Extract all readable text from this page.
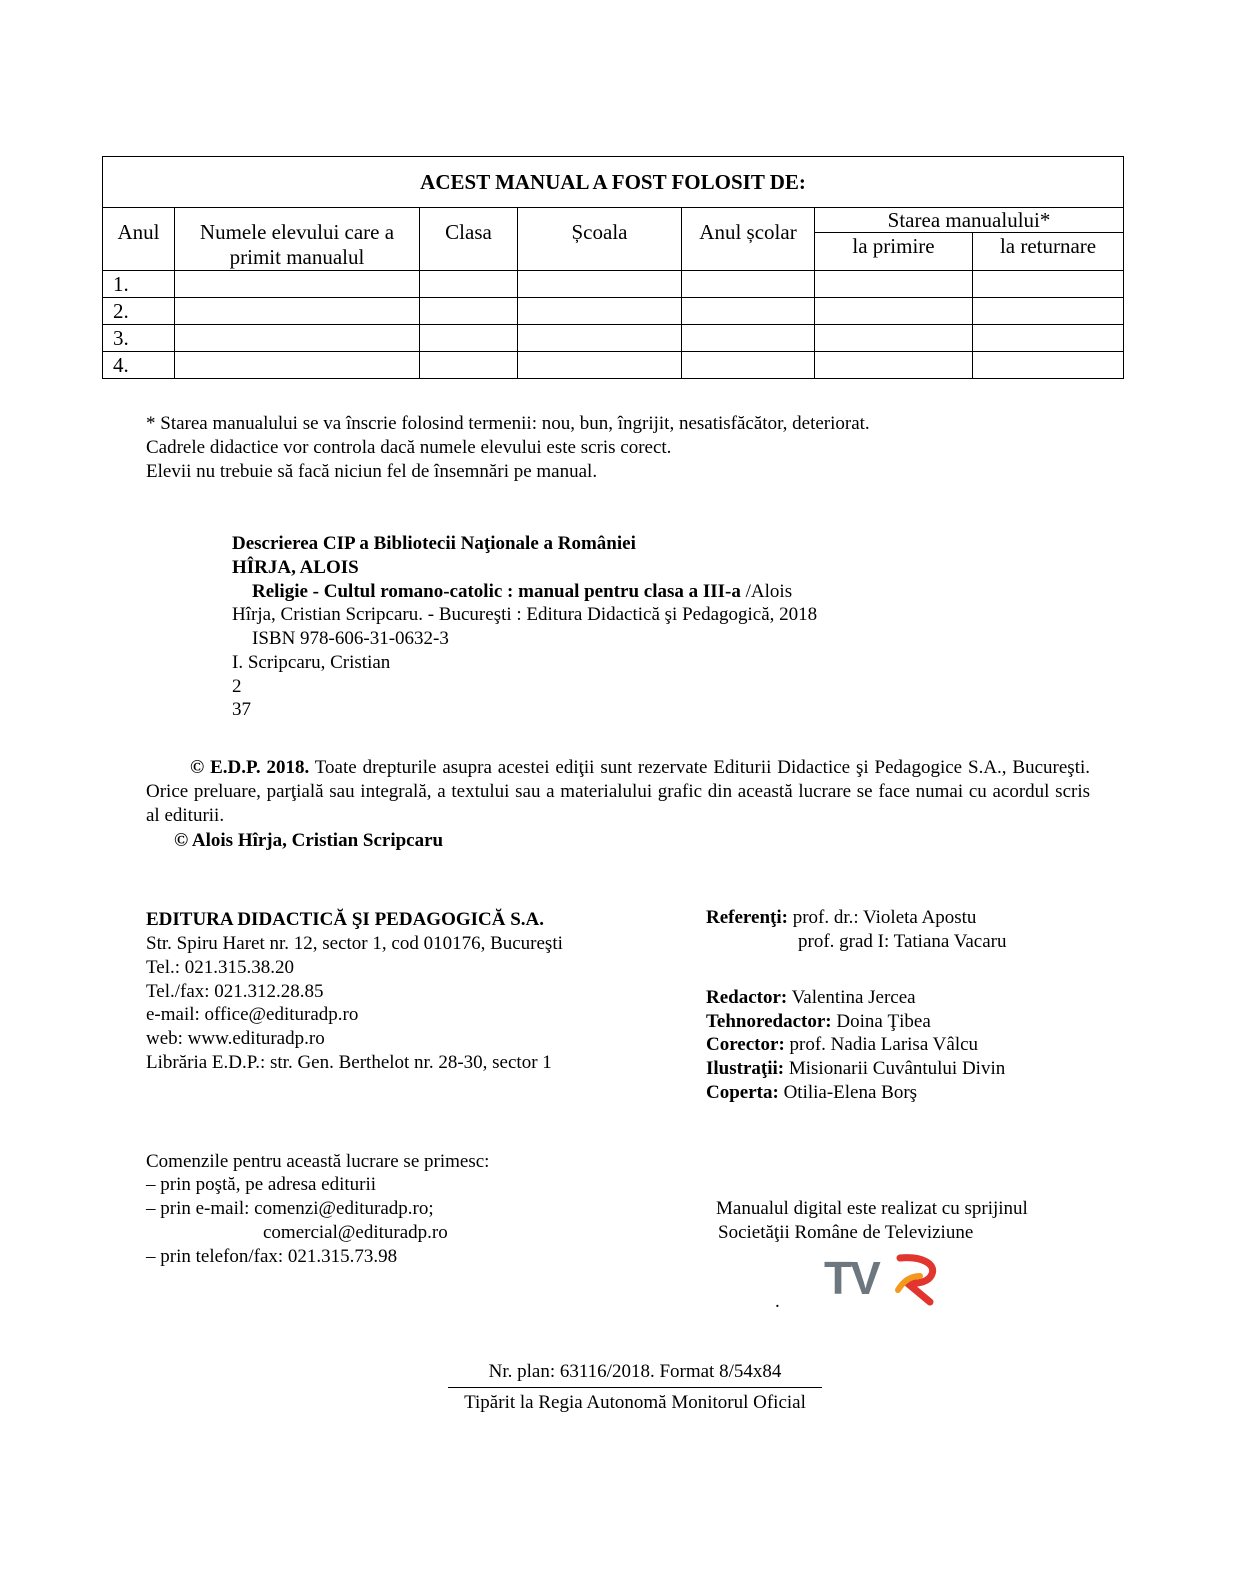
ACEST MANUAL A FOST FOLOSIT DE:						
Anul	Numele elevului care a primit manualul	Clasa	Școala	Anul școlar	Starea manualului*	
					la primire	la returnare
1.						
2.						
3.						
4.						
* Starea manualului se va înscrie folosind termenii: nou, bun, îngrijit, nesatisfăcător, deteriorat.
Cadrele didactice vor controla dacă numele elevului este scris corect.
Elevii nu trebuie să facă niciun fel de însemnări pe manual.
Descrierea CIP a Bibliotecii Naţionale a României
HÎRJA, ALOIS
Religie - Cultul romano-catolic : manual pentru clasa a III-a /Alois
Hîrja, Cristian Scripcaru. - Bucureşti : Editura Didactică şi Pedagogică, 2018
ISBN 978-606-31-0632-3
I. Scripcaru, Cristian
2
37
© E.D.P. 2018. Toate drepturile asupra acestei ediţii sunt rezervate Editurii Didactice şi Pedagogice S.A., Bucureşti. Orice preluare, parţială sau integrală, a textului sau a materialului grafic din această lucrare se face numai cu acordul scris al editurii.
© Alois Hîrja, Cristian Scripcaru
EDITURA DIDACTICĂ ŞI PEDAGOGICĂ S.A.
Str. Spiru Haret nr. 12, sector 1, cod 010176, Bucureşti
Tel.: 021.315.38.20
Tel./fax: 021.312.28.85
e-mail: office@edituradp.ro
web: www.edituradp.ro
Librăria E.D.P.: str. Gen. Berthelot nr. 28-30, sector 1
Referenţi: prof. dr.: Violeta Apostu
prof. grad I: Tatiana Vacaru
Redactor: Valentina Jercea
Tehnoredactor: Doina Ţibea
Corector: prof. Nadia Larisa Vâlcu
Ilustraţii: Misionarii Cuvântului Divin
Coperta: Otilia-Elena Borş
Comenzile pentru această lucrare se primesc:
– prin poştă, pe adresa editurii
– prin e-mail: comenzi@edituradp.ro;
comercial@edituradp.ro
– prin telefon/fax: 021.315.73.98
Manualul digital este realizat cu sprijinul
Societăţii Române de Televiziune
TV
.
Nr. plan: 63116/2018. Format 8/54x84
Tipărit la Regia Autonomă Monitorul Oficial
